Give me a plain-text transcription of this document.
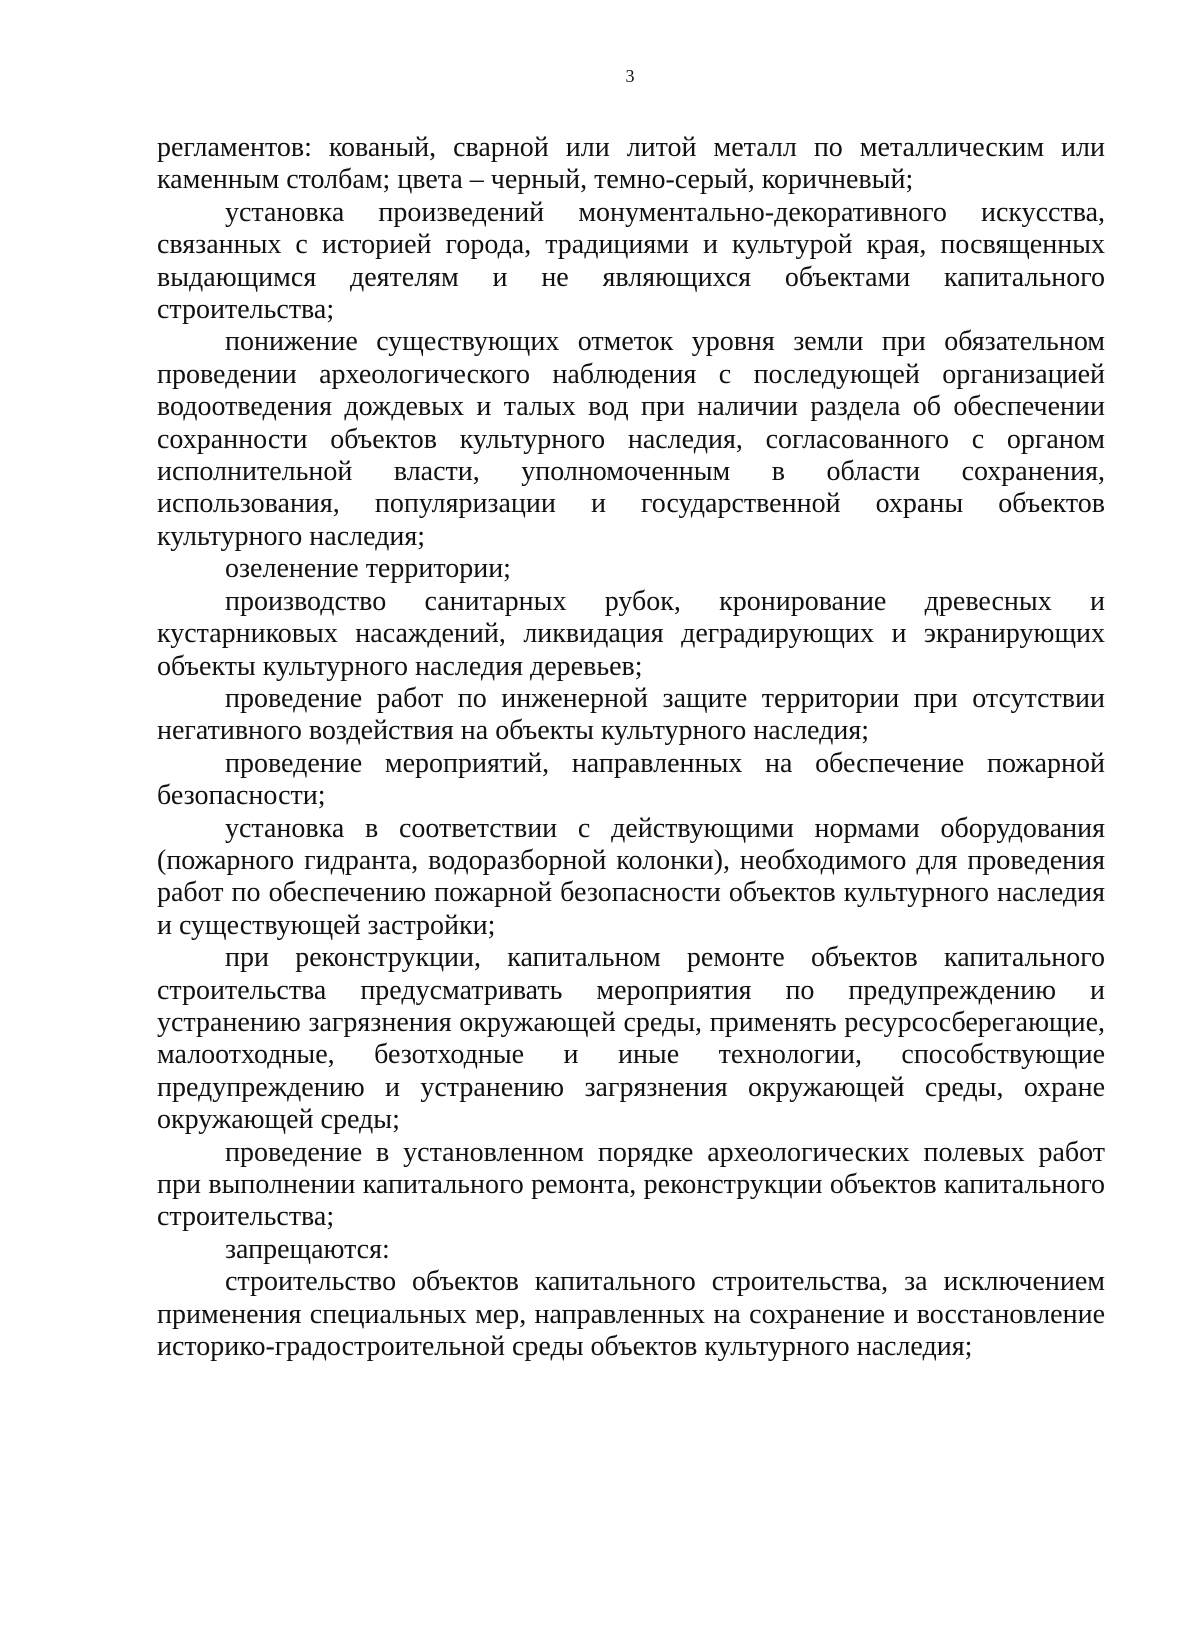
3

регламентов: кованый, сварной или литой металл по металлическим или каменным столбам; цвета – черный, темно-серый, коричневый;

установка произведений монументально-декоративного искусства, связанных с историей города, традициями и культурой края, посвященных выдающимся деятелям и не являющихся объектами капитального строительства;

понижение существующих отметок уровня земли при обязательном проведении археологического наблюдения с последующей организацией водоотведения дождевых и талых вод при наличии раздела об обеспечении сохранности объектов культурного наследия, согласованного с органом исполнительной власти, уполномоченным в области сохранения, использования, популяризации и государственной охраны объектов культурного наследия;

озеленение территории;

производство санитарных рубок, кронирование древесных и кустарниковых насаждений, ликвидация деградирующих и экранирующих объекты культурного наследия деревьев;

проведение работ по инженерной защите территории при отсутствии негативного воздействия на объекты культурного наследия;

проведение мероприятий, направленных на обеспечение пожарной безопасности;

установка в соответствии с действующими нормами оборудования (пожарного гидранта, водоразборной колонки), необходимого для проведения работ по обеспечению пожарной безопасности объектов культурного наследия и существующей застройки;

при реконструкции, капитальном ремонте объектов капитального строительства предусматривать мероприятия по предупреждению и устранению загрязнения окружающей среды, применять ресурсосберегающие, малоотходные, безотходные и иные технологии, способствующие предупреждению и устранению загрязнения окружающей среды, охране окружающей среды;

проведение в установленном порядке археологических полевых работ при выполнении капитального ремонта, реконструкции объектов капитального строительства;

запрещаются:

строительство объектов капитального строительства, за исключением применения специальных мер, направленных на сохранение и восстановление историко-градостроительной среды объектов культурного наследия;
